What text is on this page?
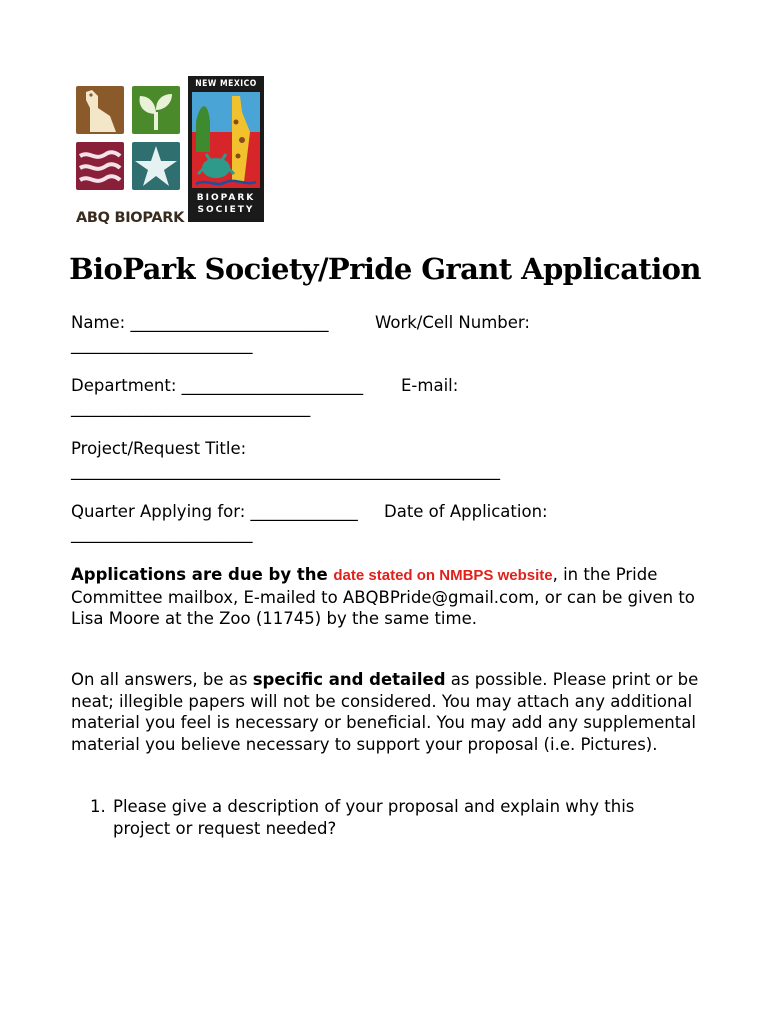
ABQ BIOPARK
NEW MEXICO
BIOPARK
SOCIETY
BioPark Society/Pride Grant Application
Name: ________________________	Work/Cell Number:
______________________
Department: ______________________ E-mail:
_____________________________
Project/Request Title:
____________________________________________________
Quarter Applying for: _____________ Date of Application:
______________________
Applications are due by the date stated on NMBPS website, in the Pride Committee mailbox, E-mailed to ABQBPride@gmail.com, or can be given to Lisa Moore at the Zoo (11745) by the same time.
On all answers, be as specific and detailed as possible. Please print or be neat; illegible papers will not be considered. You may attach any additional material you feel is necessary or beneficial. You may add any supplemental material you believe necessary to support your proposal (i.e. Pictures).
1. Please give a description of your proposal and explain why this project or request needed?
